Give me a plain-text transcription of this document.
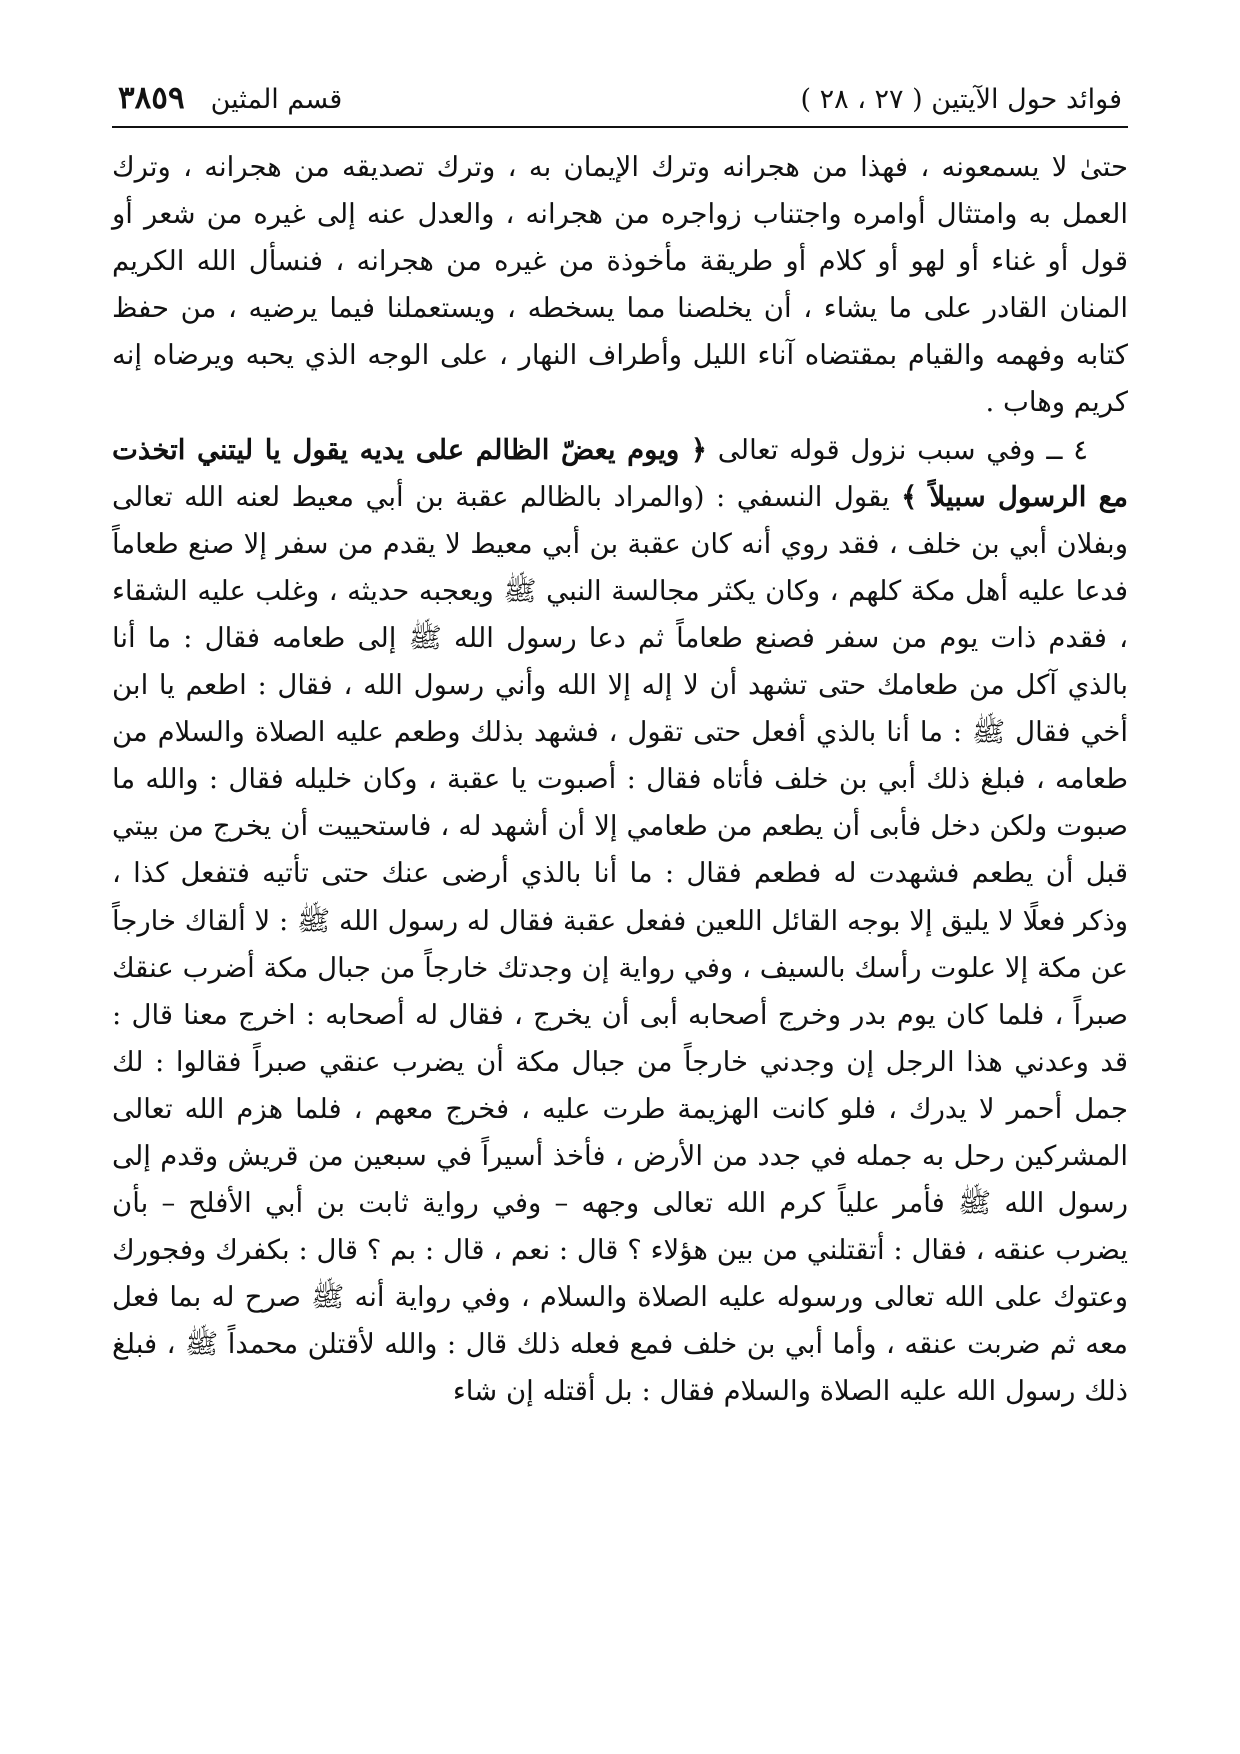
فوائد حول الآيتين ( ٢٧ ، ٢٨ )
قسم المثين
٣٨٥٩

حتىٰ لا يسمعونه ، فهذا من هجرانه وترك الإيمان به ، وترك تصديقه من هجرانه ، وترك العمل به وامتثال أوامره واجتناب زواجره من هجرانه ، والعدل عنه إلى غيره من شعر أو قول أو غناء أو لهو أو كلام أو طريقة مأخوذة من غيره من هجرانه ، فنسأل الله الكريم المنان القادر على ما يشاء ، أن يخلصنا مما يسخطه ، ويستعملنا فيما يرضيه ، من حفظ كتابه وفهمه والقيام بمقتضاه آناء الليل وأطراف النهار ، على الوجه الذي يحبه ويرضاه إنه كريم وهاب .

٤ ــ وفي سبب نزول قوله تعالى ﴿ ويوم يعضّ الظالم على يديه يقول يا ليتني اتخذت مع الرسول سبيلاً ﴾ يقول النسفي : (والمراد بالظالم عقبة بن أبي معيط لعنه الله تعالى وبفلان أبي بن خلف ، فقد روي أنه كان عقبة بن أبي معيط لا يقدم من سفر إلا صنع طعاماً فدعا عليه أهل مكة كلهم ، وكان يكثر مجالسة النبي ﷺ ويعجبه حديثه ، وغلب عليه الشقاء ، فقدم ذات يوم من سفر فصنع طعاماً ثم دعا رسول الله ﷺ إلى طعامه فقال : ما أنا بالذي آكل من طعامك حتى تشهد أن لا إله إلا الله وأني رسول الله ، فقال : اطعم يا ابن أخي فقال ﷺ : ما أنا بالذي أفعل حتى تقول ، فشهد بذلك وطعم عليه الصلاة والسلام من طعامه ، فبلغ ذلك أبي بن خلف فأتاه فقال : أصبوت يا عقبة ، وكان خليله فقال : والله ما صبوت ولكن دخل فأبى أن يطعم من طعامي إلا أن أشهد له ، فاستحييت أن يخرج من بيتي قبل أن يطعم فشهدت له فطعم فقال : ما أنا بالذي أرضى عنك حتى تأتيه فتفعل كذا ، وذكر فعلًا لا يليق إلا بوجه القائل اللعين ففعل عقبة فقال له رسول الله ﷺ : لا ألقاك خارجاً عن مكة إلا علوت رأسك بالسيف ، وفي رواية إن وجدتك خارجاً من جبال مكة أضرب عنقك صبراً ، فلما كان يوم بدر وخرج أصحابه أبى أن يخرج ، فقال له أصحابه : اخرج معنا قال : قد وعدني هذا الرجل إن وجدني خارجاً من جبال مكة أن يضرب عنقي صبراً فقالوا : لك جمل أحمر لا يدرك ، فلو كانت الهزيمة طرت عليه ، فخرج معهم ، فلما هزم الله تعالى المشركين رحل به جمله في جدد من الأرض ، فأخذ أسيراً في سبعين من قريش وقدم إلى رسول الله ﷺ فأمر علياً كرم الله تعالى وجهه – وفي رواية ثابت بن أبي الأفلح – بأن يضرب عنقه ، فقال : أتقتلني من بين هؤلاء ؟ قال : نعم ، قال : بم ؟ قال : بكفرك وفجورك وعتوك على الله تعالى ورسوله عليه الصلاة والسلام ، وفي رواية أنه ﷺ صرح له بما فعل معه ثم ضربت عنقه ، وأما أبي بن خلف فمع فعله ذلك قال : والله لأقتلن محمداً ﷺ ، فبلغ ذلك رسول الله عليه الصلاة والسلام فقال : بل أقتله إن شاء
